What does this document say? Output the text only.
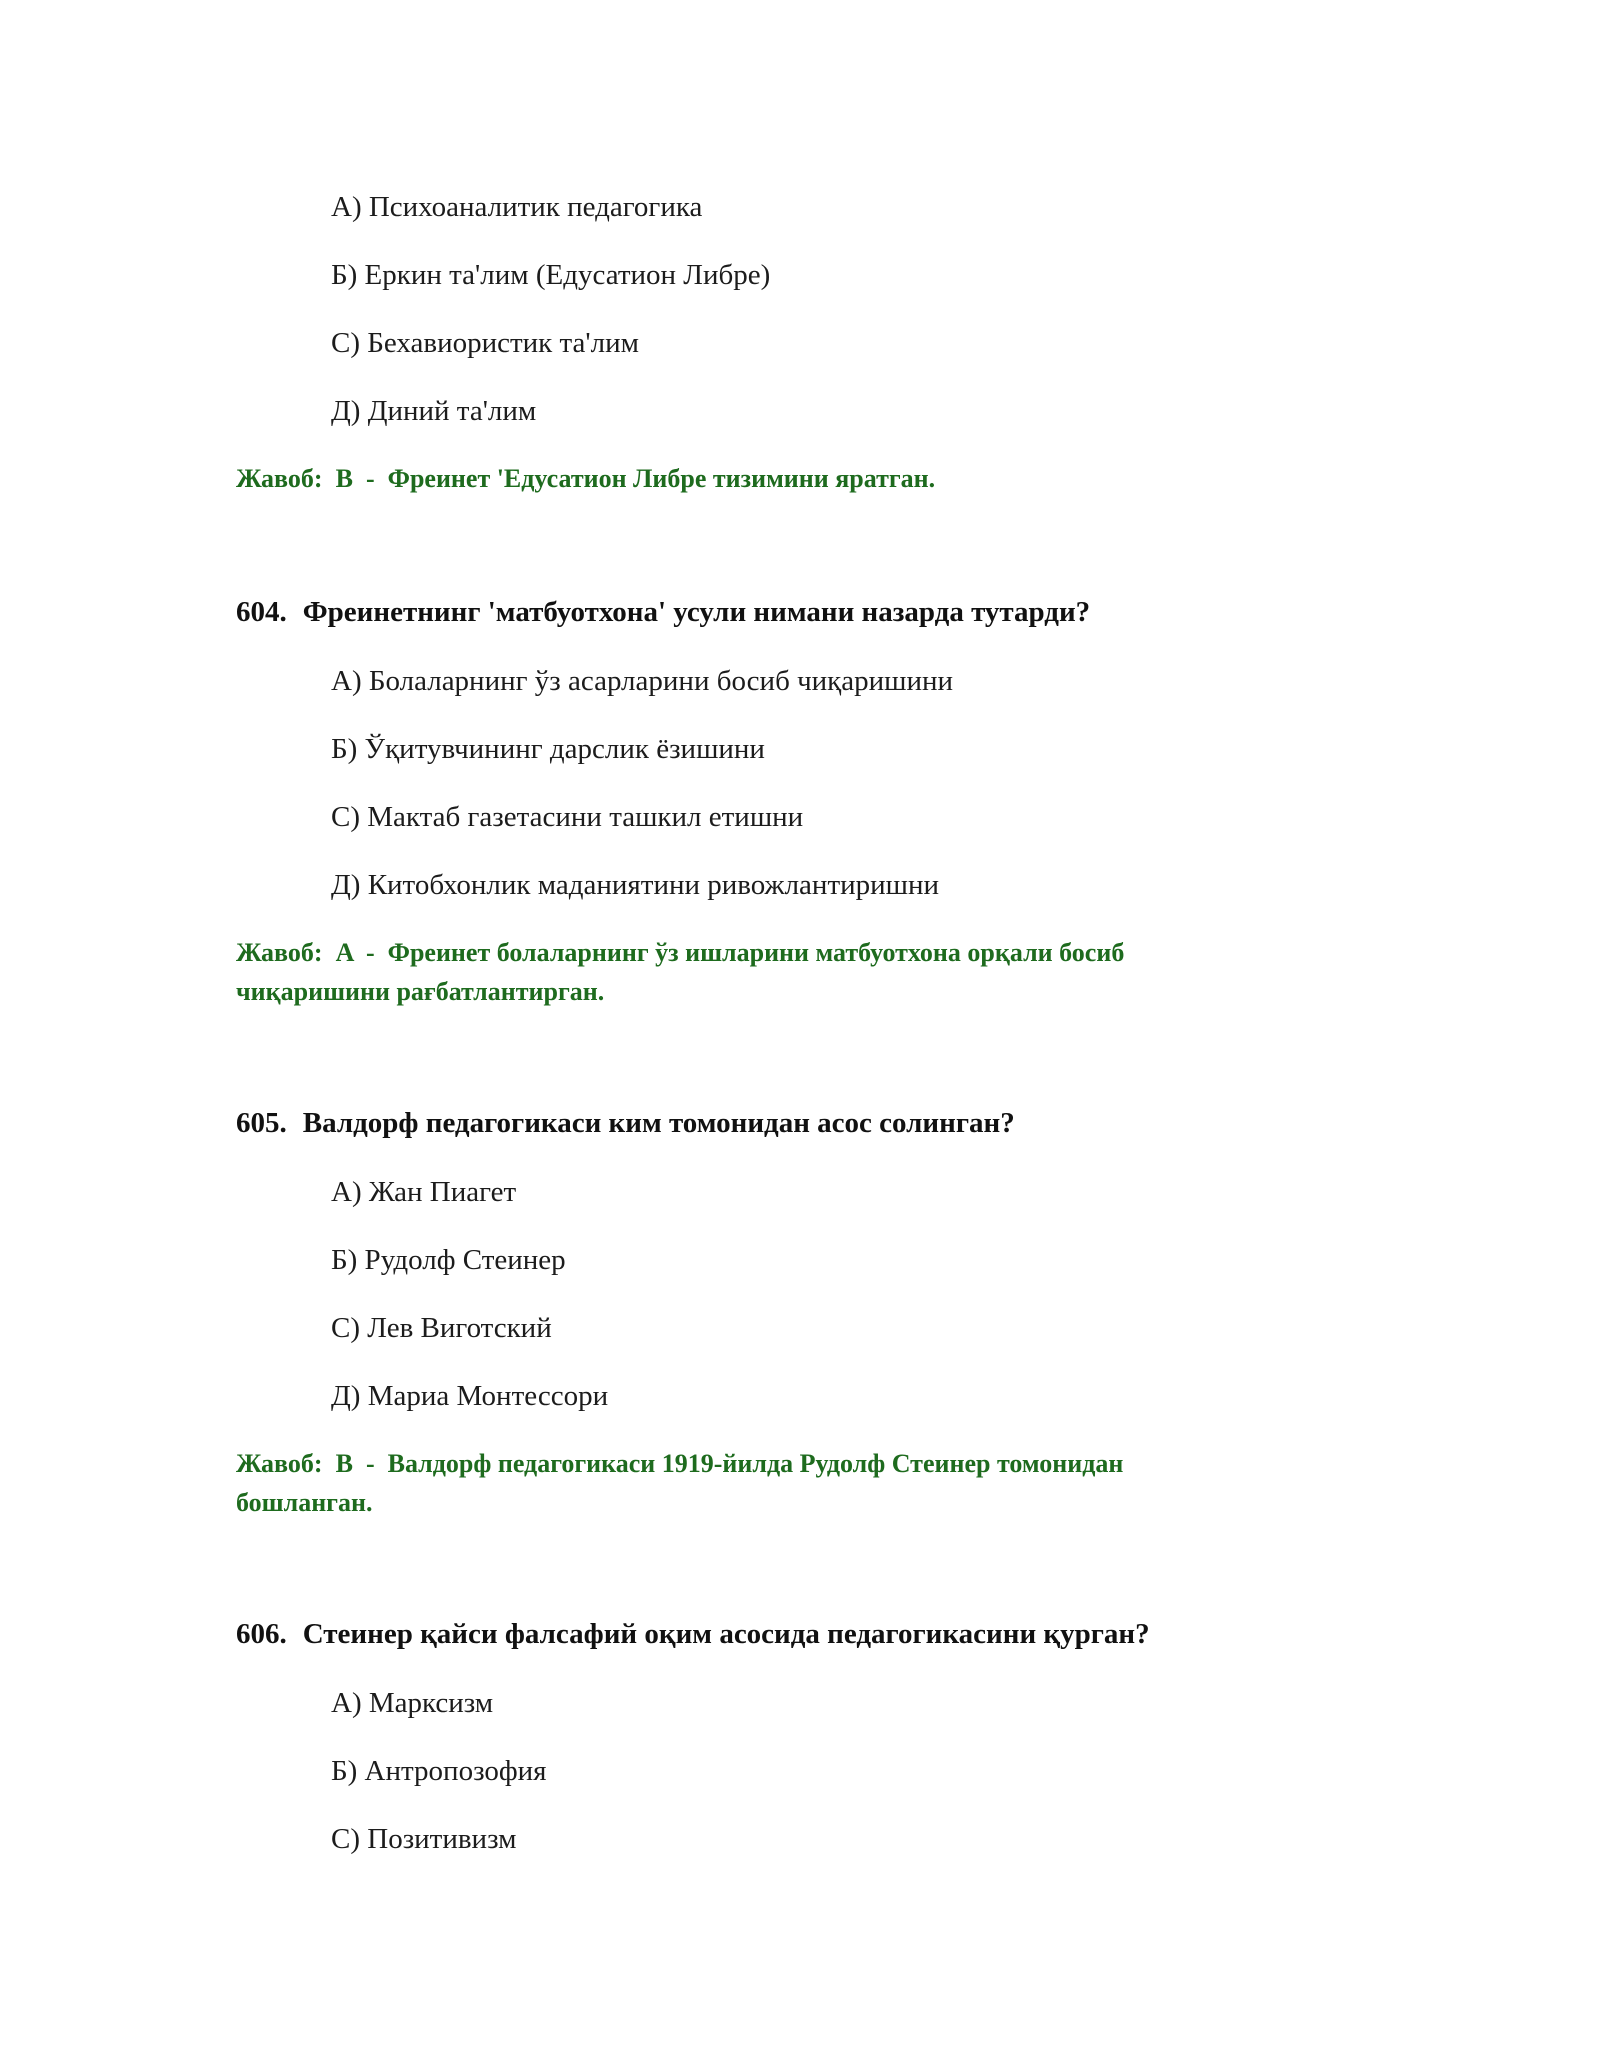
А) Психоаналитик педагогика
Б) Еркин та'лим (Едусатион Либре)
С) Бехавиористик та'лим
Д) Диний та'лим
Жавоб: B  -  Фреинет 'Едусатион Либре тизимини яратган.
604. Фреинетнинг 'матбуотхона' усули нимани назарда тутарди?
А) Болаларнинг ўз асарларини босиб чиқаришини
Б) Ўқитувчининг дарслик ёзишини
С) Мактаб газетасини ташкил етишни
Д) Китобхонлик маданиятини ривожлантиришни
Жавоб: A  -  Фреинет болаларнинг ўз ишларини матбуотхона орқали босиб чиқаришини рағбатлантирган.
605. Валдорф педагогикаси ким томонидан асос солинган?
А) Жан Пиагет
Б) Рудолф Стеинер
С) Лев Виготский
Д) Мариа Монтессори
Жавоб: B  -  Валдорф педагогикаси 1919-йилда Рудолф Стеинер томонидан бошланган.
606. Стеинер қайси фалсафий оқим асосида педагогикасини қурган?
А) Марксизм
Б) Антропозофия
С) Позитивизм
